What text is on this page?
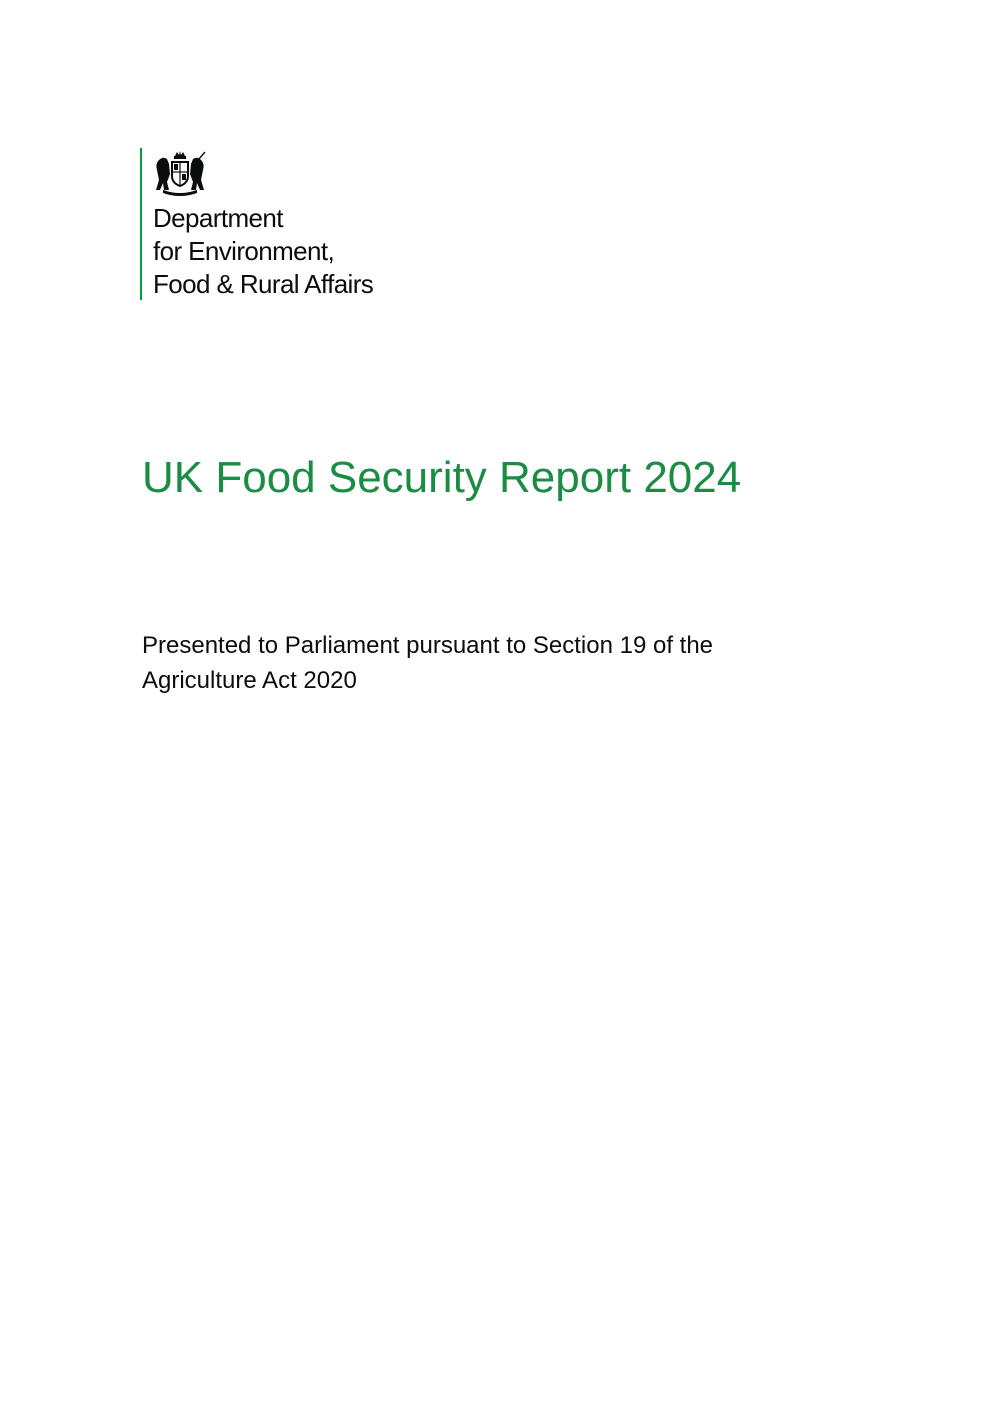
Department
for Environment,
Food & Rural Affairs
UK Food Security Report 2024

Presented to Parliament pursuant to Section 19 of the
Agriculture Act 2020
